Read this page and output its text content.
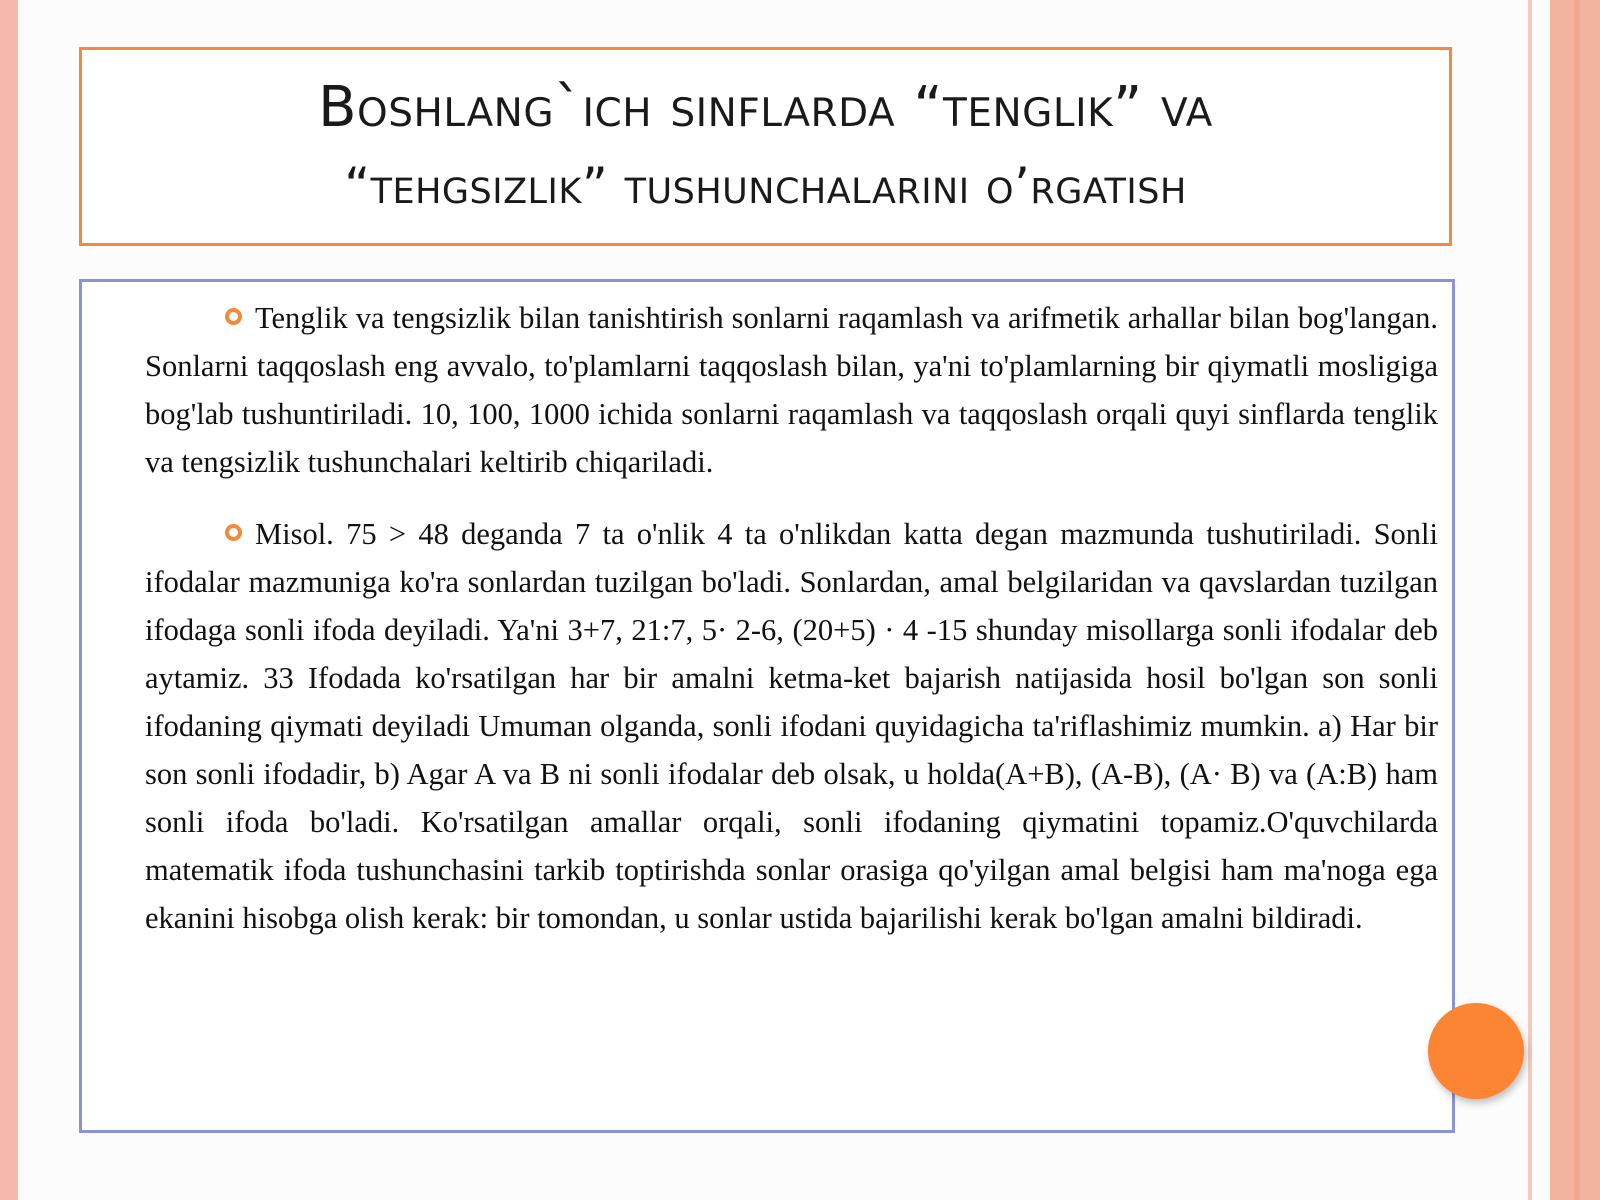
Boshlang`ich sinflarda “tenglik” va
“tehgsizlik” tushunchalarini o’rgatish
Tenglik va tengsizlik bilan tanishtirish sonlarni raqamlash va arifmetik arhallar bilan bog'langan. Sonlarni taqqoslash eng avvalo, to'plamlarni taqqoslash bilan, ya'ni to'plamlarning bir qiymatli mosligiga bog'lab tushuntiriladi. 10, 100, 1000 ichida sonlarni raqamlash va taqqoslash orqali quyi sinflarda tenglik va tengsizlik tushunchalari keltirib chiqariladi.
Misol. 75 > 48 deganda 7 ta o'nlik 4 ta o'nlikdan katta degan mazmunda tushutiriladi. Sonli ifodalar mazmuniga ko'ra sonlardan tuzilgan bo'ladi. Sonlardan, amal belgilaridan va qavslardan tuzilgan ifodaga sonli ifoda deyiladi. Ya'ni 3+7, 21:7, 5· 2-6, (20+5) · 4 -15 shunday misollarga sonli ifodalar deb aytamiz. 33 Ifodada ko'rsatilgan har bir amalni ketma-ket bajarish natijasida hosil bo'lgan son sonli ifodaning qiymati deyiladi Umuman olganda, sonli ifodani quyidagicha ta'riflashimiz mumkin. a) Har bir son sonli ifodadir, b) Agar A va B ni sonli ifodalar deb olsak, u holda(A+B), (A-B), (A· B) va (A:B) ham sonli ifoda bo'ladi. Ko'rsatilgan amallar orqali, sonli ifodaning qiymatini topamiz.O'quvchilarda matematik ifoda tushunchasini tarkib toptirishda sonlar orasiga qo'yilgan amal belgisi ham ma'noga ega ekanini hisobga olish kerak: bir tomondan, u sonlar ustida bajarilishi kerak bo'lgan amalni bildiradi.
